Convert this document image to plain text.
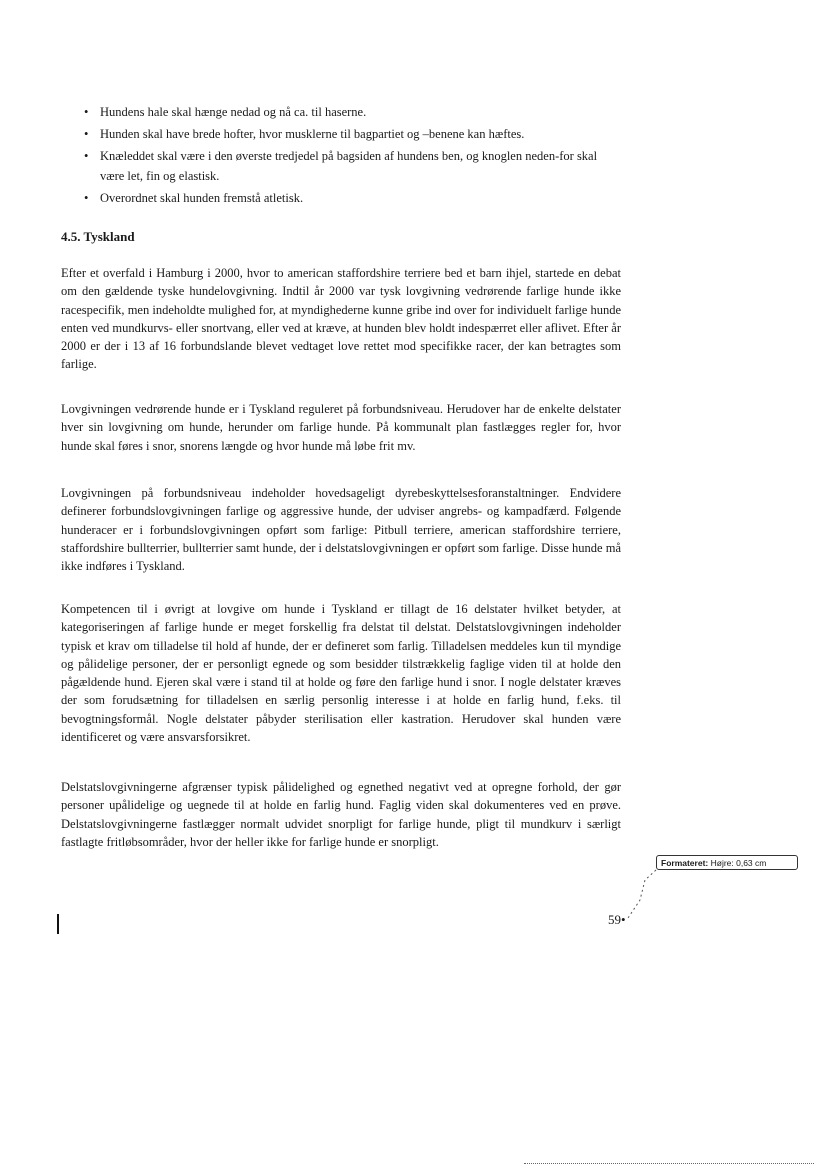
• Hundens hale skal hænge nedad og nå ca. til haserne.
• Hunden skal have brede hofter, hvor musklerne til bagpartiet og –benene kan hæftes.
• Knæleddet skal være i den øverste tredjedel på bagsiden af hundens ben, og knoglen neden-for skal være let, fin og elastisk.
• Overordnet skal hunden fremstå atletisk.
4.5. Tyskland

Efter et overfald i Hamburg i 2000, hvor to american staffordshire terriere bed et barn ihjel, startede en debat om den gældende tyske hundelovgivning. Indtil år 2000 var tysk lovgivning vedrørende farlige hunde ikke racespecifik, men indeholdte mulighed for, at myndighederne kunne gribe ind over for individuelt farlige hunde enten ved mundkurvs- eller snortvang, eller ved at kræve, at hunden blev holdt indespærret eller aflivet. Efter år 2000 er der i 13 af 16 forbundslande blevet vedtaget love rettet mod specifikke racer, der kan betragtes som farlige.

Lovgivningen vedrørende hunde er i Tyskland reguleret på forbundsniveau. Herudover har de enkelte delstater hver sin lovgivning om hunde, herunder om farlige hunde. På kommunalt plan fastlægges regler for, hvor hunde skal føres i snor, snorens længde og hvor hunde må løbe frit mv.

Lovgivningen på forbundsniveau indeholder hovedsageligt dyrebeskyttelsesforanstaltninger. Endvidere definerer forbundslovgivningen farlige og aggressive hunde, der udviser angrebs- og kampadfærd. Følgende hunderacer er i forbundslovgivningen opført som farlige: Pitbull terriere, american staffordshire terriere, staffordshire bullterrier, bullterrier samt hunde, der i delstatslovgivningen er opført som farlige. Disse hunde må ikke indføres i Tyskland.

Kompetencen til i øvrigt at lovgive om hunde i Tyskland er tillagt de 16 delstater hvilket betyder, at kategoriseringen af farlige hunde er meget forskellig fra delstat til delstat. Delstatslovgivningen indeholder typisk et krav om tilladelse til hold af hunde, der er defineret som farlig. Tilladelsen meddeles kun til myndige og pålidelige personer, der er personligt egnede og som besidder tilstrækkelig faglige viden til at holde den pågældende hund. Ejeren skal være i stand til at holde og føre den farlige hund i snor. I nogle delstater kræves der som forudsætning for tilladelsen en særlig personlig interesse i at holde en farlig hund, f.eks. til bevogtningsformål. Nogle delstater påbyder sterilisation eller kastration. Herudover skal hunden være identificeret og være ansvarsforsikret.

Delstatslovgivningerne afgrænser typisk pålidelighed og egnethed negativt ved at opregne forhold, der gør personer upålidelige og uegnede til at holde en farlig hund. Faglig viden skal dokumenteres ved en prøve. Delstatslovgivningerne fastlægger normalt udvidet snorpligt for farlige hunde, pligt til mundkurv i særligt fastlagte fritløbsområder, hvor der heller ikke for farlige hunde er snorpligt.

59•
Formateret: Højre: 0,63 cm
